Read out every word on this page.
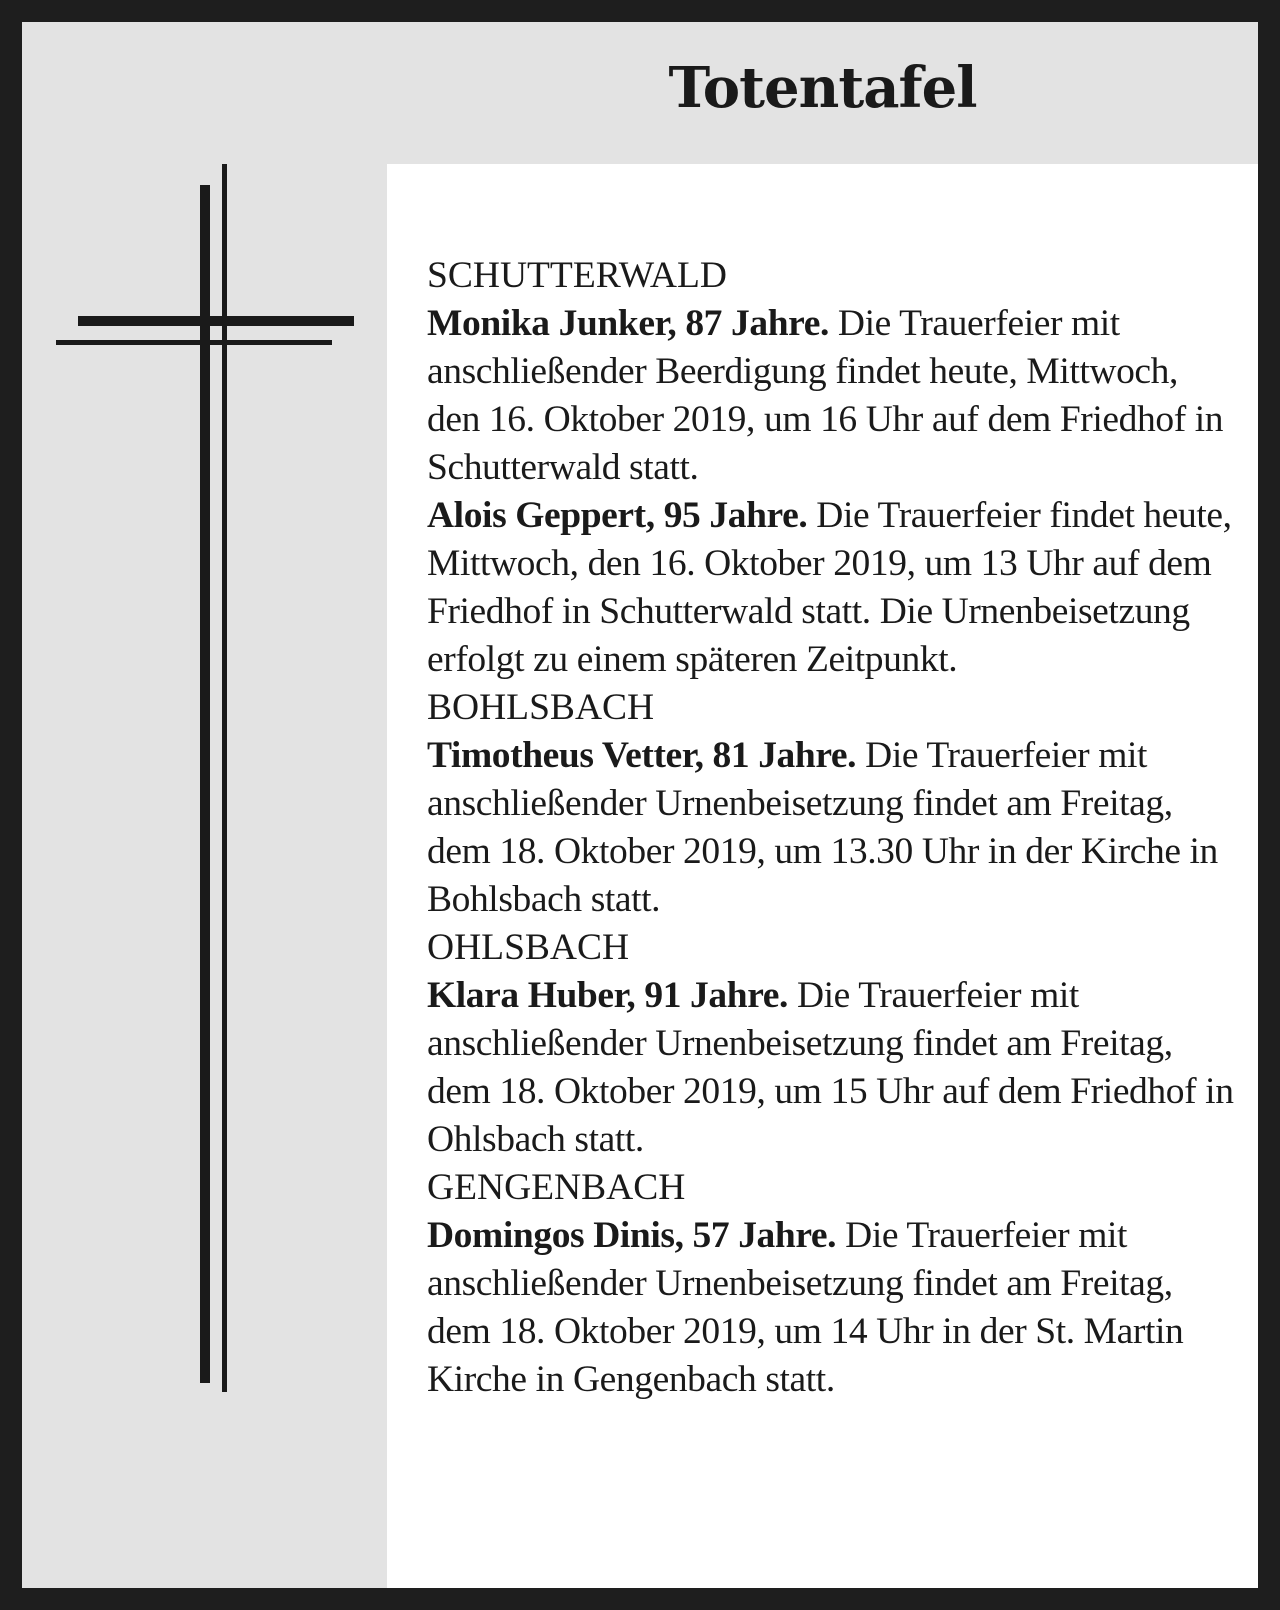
Totentafel
SCHUTTERWALD

Monika Junker, 87 Jahre. Die Trauerfeier mit anschließender Beerdigung findet heute, Mittwoch, den 16. Oktober 2019, um 16 Uhr auf dem Friedhof in Schutterwald statt.

Alois Geppert, 95 Jahre. Die Trauerfeier findet heute, Mittwoch, den 16. Oktober 2019, um 13 Uhr auf dem Friedhof in Schutterwald statt. Die Urnenbeisetzung erfolgt zu einem späteren Zeitpunkt.

BOHLSBACH

Timotheus Vetter, 81 Jahre. Die Trauerfeier mit anschließender Urnenbeisetzung findet am Freitag, dem 18. Oktober 2019, um 13.30 Uhr in der Kirche in Bohlsbach statt.

OHLSBACH

Klara Huber, 91 Jahre. Die Trauerfeier mit anschließender Urnenbeisetzung findet am Freitag, dem 18. Oktober 2019, um 15 Uhr auf dem Friedhof in Ohlsbach statt.

GENGENBACH

Domingos Dinis, 57 Jahre. Die Trauerfeier mit anschließender Urnenbeisetzung findet am Freitag, dem 18. Oktober 2019, um 14 Uhr in der St. Martin Kirche in Gengenbach statt.
